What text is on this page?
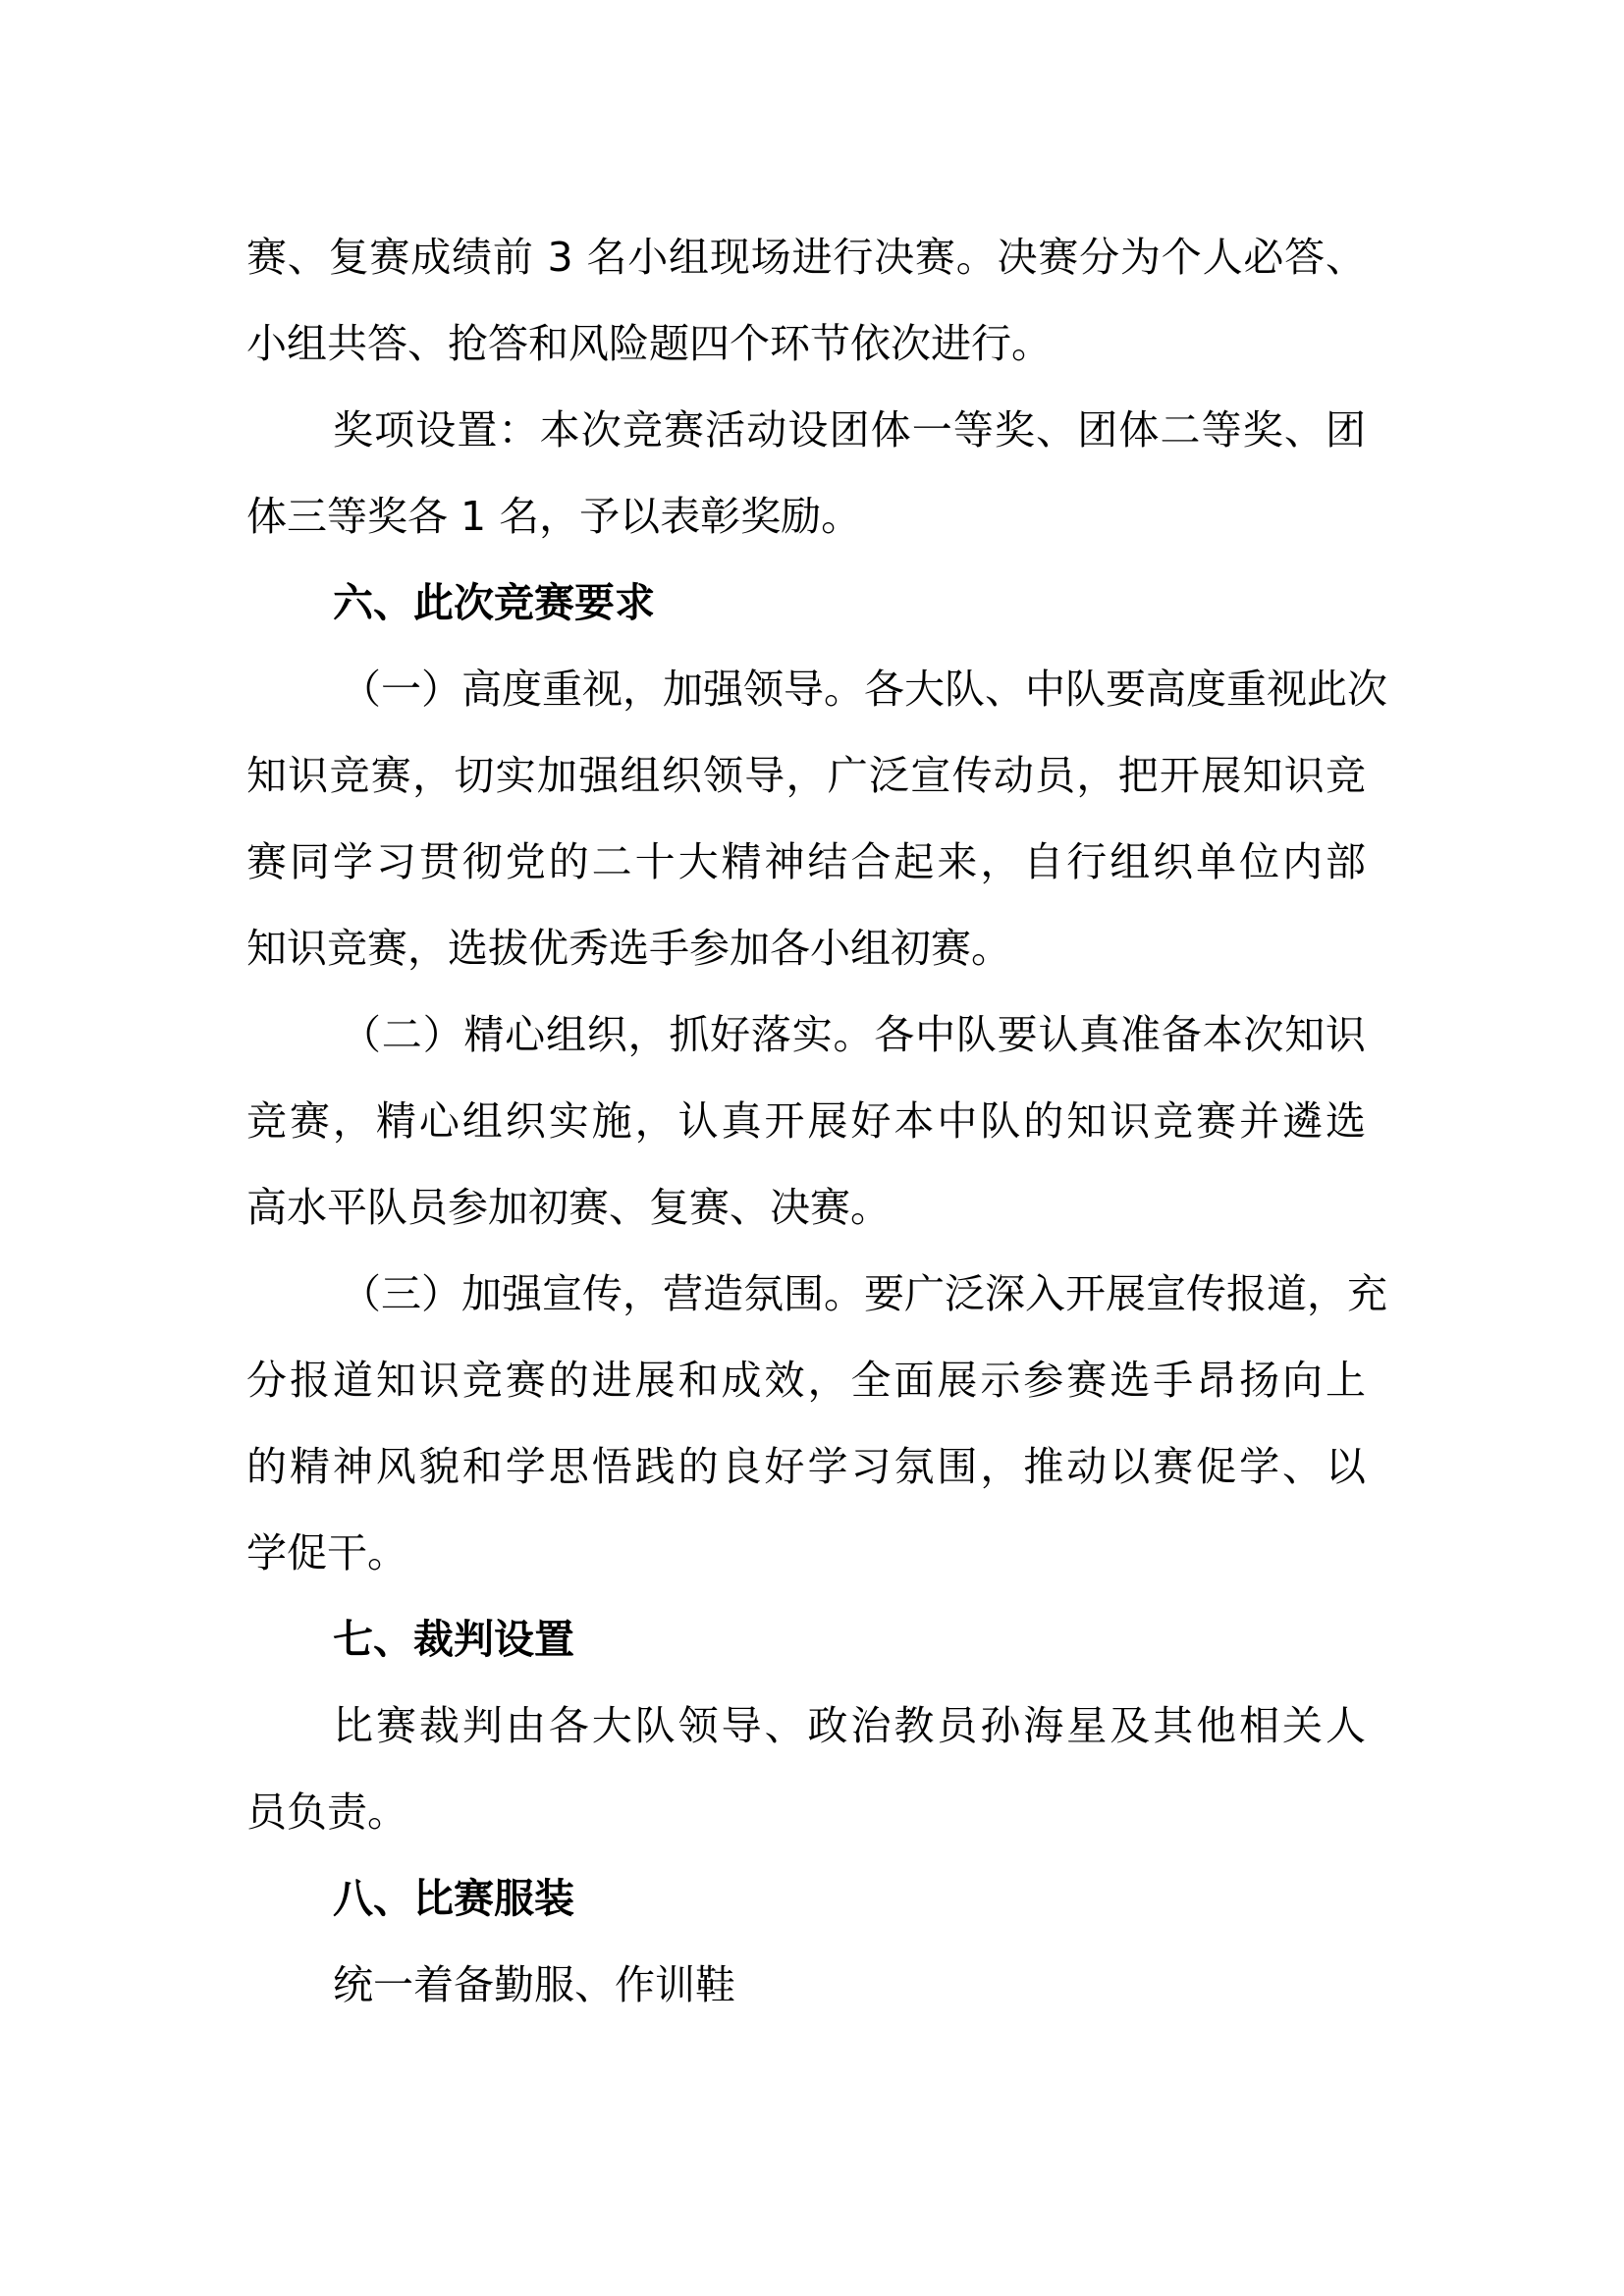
赛、复赛成绩前 3 名小组现场进行决赛。决赛分为个人必答、
小组共答、抢答和风险题四个环节依次进行。
奖项设置：本次竞赛活动设团体一等奖、团体二等奖、团
体三等奖各 1 名，予以表彰奖励。
六、此次竞赛要求
（一）高度重视，加强领导。各大队、中队要高度重视此次
知识竞赛，切实加强组织领导，广泛宣传动员，把开展知识竞
赛同学习贯彻党的二十大精神结合起来，自行组织单位内部
知识竞赛，选拔优秀选手参加各小组初赛。
（二）精心组织，抓好落实。各中队要认真准备本次知识
竞赛，精心组织实施，认真开展好本中队的知识竞赛并遴选
高水平队员参加初赛、复赛、决赛。
（三）加强宣传，营造氛围。要广泛深入开展宣传报道，充
分报道知识竞赛的进展和成效，全面展示参赛选手昂扬向上
的精神风貌和学思悟践的良好学习氛围，推动以赛促学、以
学促干。
七、裁判设置
比赛裁判由各大队领导、政治教员孙海星及其他相关人
员负责。
八、比赛服装
统一着备勤服、作训鞋
